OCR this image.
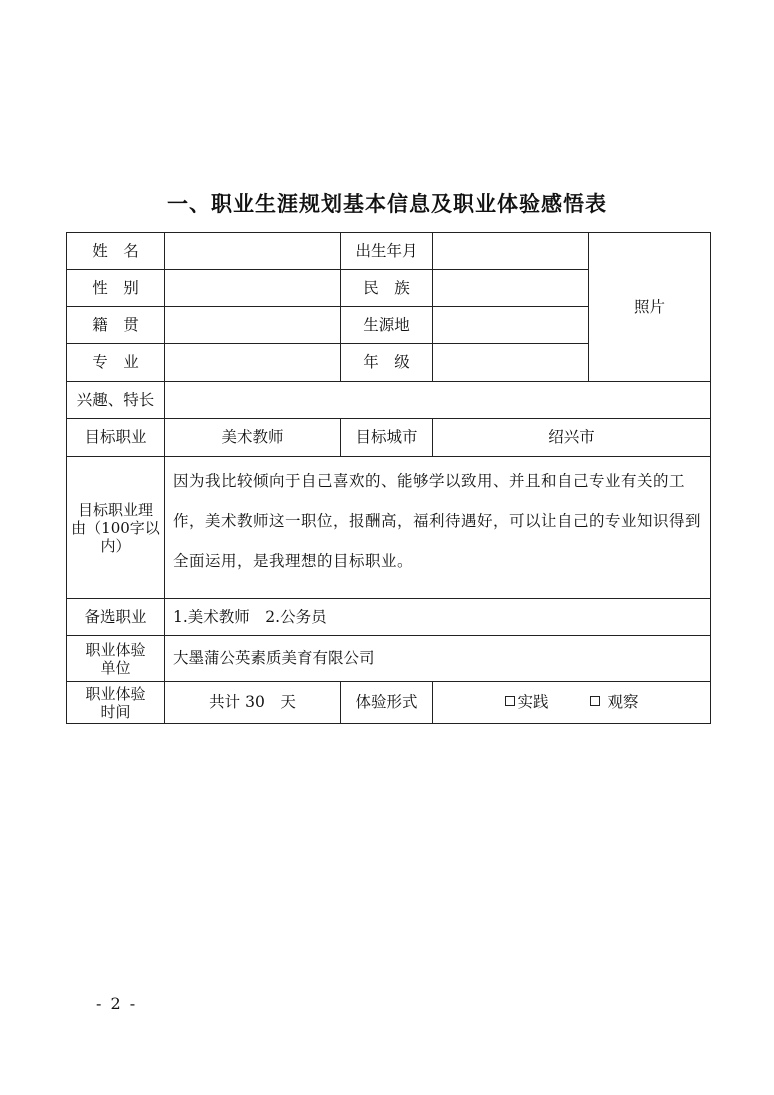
一、职业生涯规划基本信息及职业体验感悟表
姓　名		出生年月		照片
性　别		民　族		
籍　贯		生源地		
专　业		年　级		
兴趣、特长				
目标职业	美术教师	目标城市	绍兴市	
目标职业理由（100字以内）	因为我比较倾向于自己喜欢的、能够学以致用、并且和自己专业有关的工作，美术教师这一职位，报酬高，福利待遇好，可以让自己的专业知识得到全面运用，是我理想的目标职业。			
备选职业	1.美术教师　2.公务员			
职业体验单位	大墨蒲公英素质美育有限公司			
职业体验时间	共计 30　天	体验形式	实践 观察	
- 2 -
